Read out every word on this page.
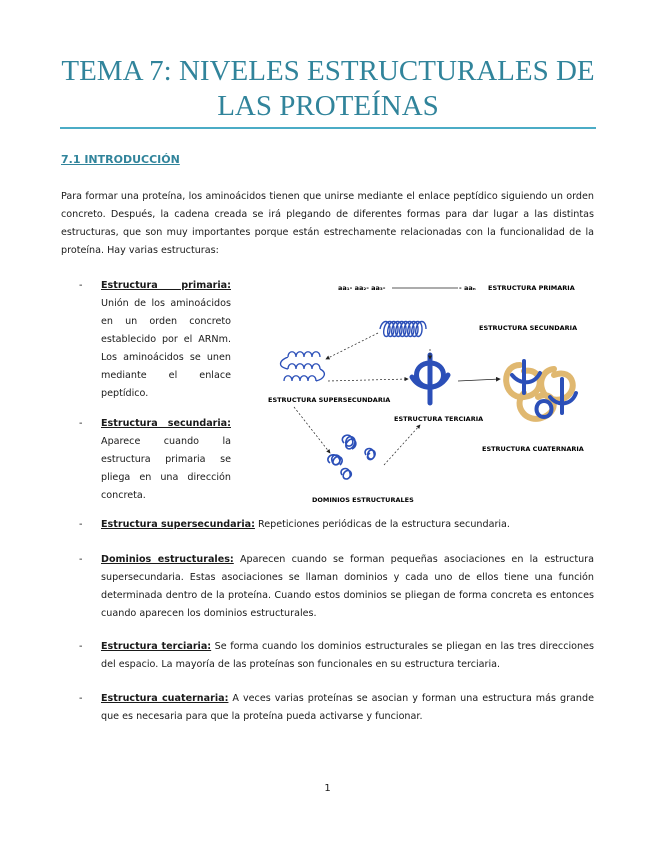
TEMA 7: NIVELES ESTRUCTURALES DE
LAS PROTEÍNAS
7.1 INTRODUCCIÓN

Para formar una proteína, los aminoácidos tienen que unirse mediante el enlace peptídico siguiendo un orden concreto. Después, la cadena creada se irá plegando de diferentes formas para dar lugar a las distintas estructuras, que son muy importantes porque están estrechamente relacionadas con la funcionalidad de la proteína. Hay varias estructuras:

- Estructura primaria: Unión de los aminoácidos en un orden concreto establecido por el ARNm. Los aminoácidos se unen mediante el enlace peptídico.
- Estructura secundaria: Aparece cuando la estructura primaria se pliega en una dirección concreta.
aa₁- aa₂- aa₃-	- aaₙ ESTRUCTURA PRIMARIA
ESTRUCTURA SECUNDARIA
ESTRUCTURA SUPERSECUNDARIA
ESTRUCTURA TERCIARIA
ESTRUCTURA CUATERNARIA
DOMINIOS ESTRUCTURALES
- Estructura supersecundaria: Repeticiones periódicas de la estructura secundaria.
- Dominios estructurales: Aparecen cuando se forman pequeñas asociaciones en la estructura supersecundaria. Estas asociaciones se llaman dominios y cada uno de ellos tiene una función determinada dentro de la proteína. Cuando estos dominios se pliegan de forma concreta es entonces cuando aparecen los dominios estructurales.
- Estructura terciaria: Se forma cuando los dominios estructurales se pliegan en las tres direcciones del espacio. La mayoría de las proteínas son funcionales en su estructura terciaria.
- Estructura cuaternaria: A veces varias proteínas se asocian y forman una estructura más grande que es necesaria para que la proteína pueda activarse y funcionar.
1
